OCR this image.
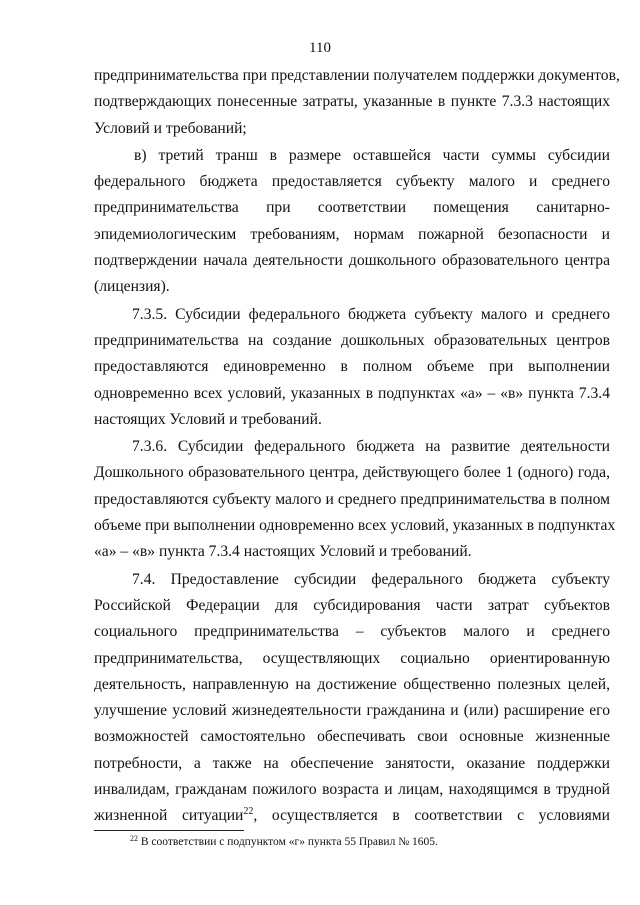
110
предпринимательства при представлении получателем поддержки документов,
подтверждающих понесенные затраты, указанные в пункте 7.3.3 настоящих
Условий и требований;
в) третий транш в размере оставшейся части суммы субсидии
федерального бюджета предоставляется субъекту малого и среднего
предпринимательства при соответствии помещения санитарно-
эпидемиологическим требованиям, нормам пожарной безопасности и
подтверждении начала деятельности дошкольного образовательного центра
(лицензия).
7.3.5. Субсидии федерального бюджета субъекту малого и среднего
предпринимательства на создание дошкольных образовательных центров
предоставляются единовременно в полном объеме при выполнении
одновременно всех условий, указанных в подпунктах «а» – «в» пункта 7.3.4
настоящих Условий и требований.
7.3.6. Субсидии федерального бюджета на развитие деятельности
Дошкольного образовательного центра, действующего более 1 (одного) года,
предоставляются субъекту малого и среднего предпринимательства в полном
объеме при выполнении одновременно всех условий, указанных в подпунктах
«а» – «в» пункта 7.3.4 настоящих Условий и требований.
7.4. Предоставление субсидии федерального бюджета субъекту
Российской Федерации для субсидирования части затрат субъектов
социального предпринимательства – субъектов малого и среднего
предпринимательства, осуществляющих социально ориентированную
деятельность, направленную на достижение общественно полезных целей,
улучшение условий жизнедеятельности гражданина и (или) расширение его
возможностей самостоятельно обеспечивать свои основные жизненные
потребности, а также на обеспечение занятости, оказание поддержки
инвалидам, гражданам пожилого возраста и лицам, находящимся в трудной
жизненной ситуации$^{22}$, осуществляется в соответствии с условиями
$^{22}$ В соответствии с подпунктом «г» пункта 55 Правил № 1605.
